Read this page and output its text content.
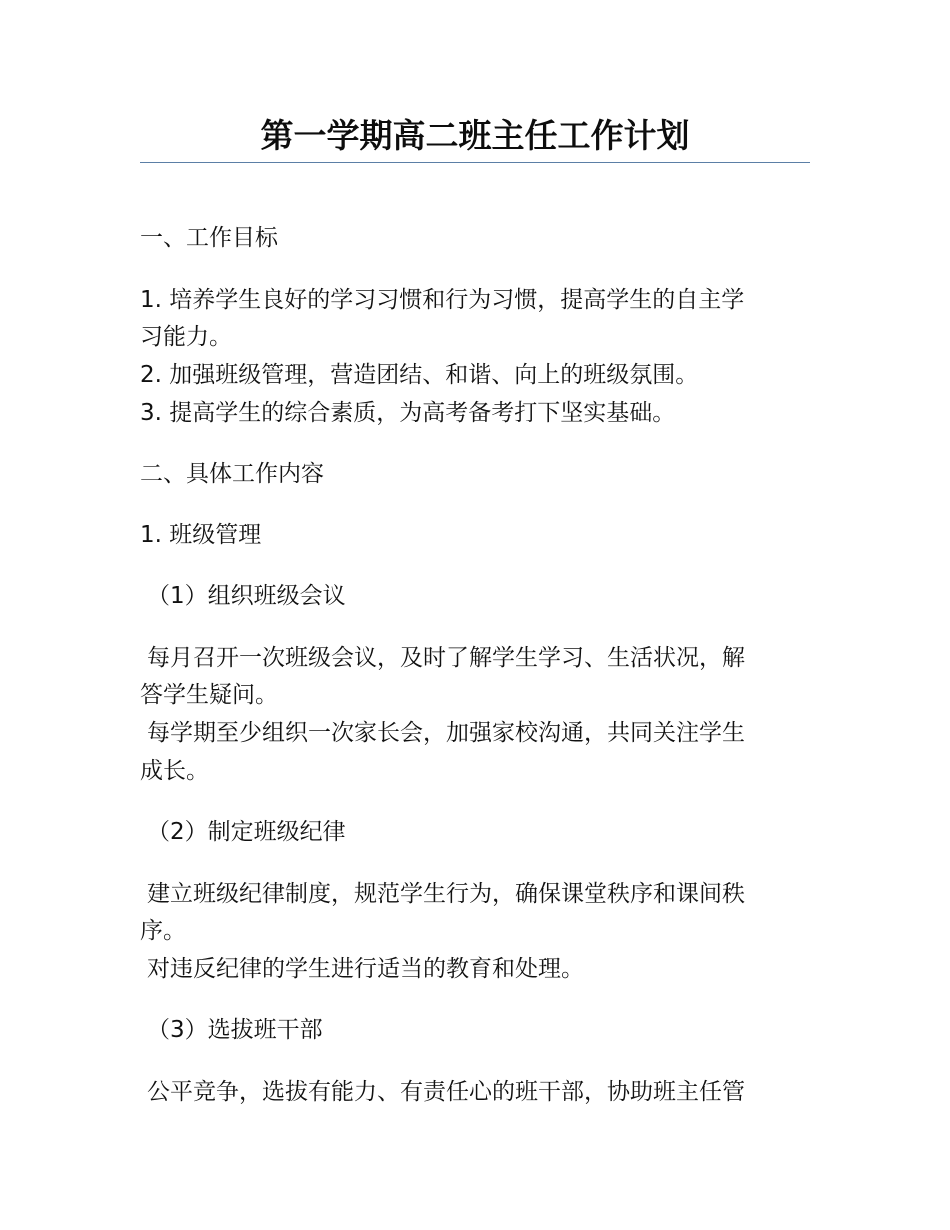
第一学期高二班主任工作计划

一、工作目标

1. 培养学生良好的学习习惯和行为习惯，提高学生的自主学

习能力。

2. 加强班级管理，营造团结、和谐、向上的班级氛围。

3. 提高学生的综合素质，为高考备考打下坚实基础。

二、具体工作内容

1. 班级管理

（1）组织班级会议

每月召开一次班级会议，及时了解学生学习、生活状况，解

答学生疑问。

每学期至少组织一次家长会，加强家校沟通，共同关注学生

成长。

（2）制定班级纪律

建立班级纪律制度，规范学生行为，确保课堂秩序和课间秩

序。

对违反纪律的学生进行适当的教育和处理。

（3）选拔班干部

公平竞争，选拔有能力、有责任心的班干部，协助班主任管
